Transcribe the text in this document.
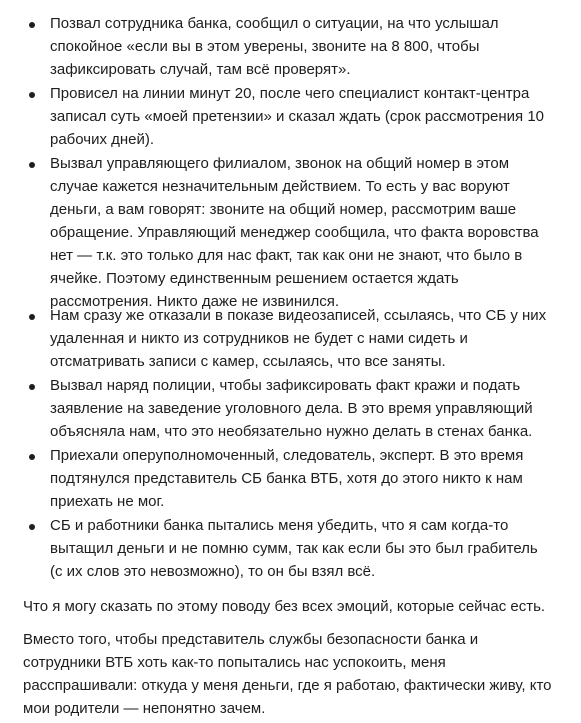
Позвал сотрудника банка, сообщил о ситуации, на что услышал спокойное «если вы в этом уверены, звоните на 8 800, чтобы зафиксировать случай, там всё проверят».
Провисел на линии минут 20, после чего специалист контакт-центра записал суть «моей претензии» и сказал ждать (срок рассмотрения 10 рабочих дней).
Вызвал управляющего филиалом, звонок на общий номер в этом случае кажется незначительным действием. То есть у вас воруют деньги, а вам говорят: звоните на общий номер, рассмотрим ваше обращение. Управляющий менеджер сообщила, что факта воровства нет — т.к. это только для нас факт, так как они не знают, что было в ячейке. Поэтому единственным решением остается ждать рассмотрения. Никто даже не извинился.
Нам сразу же отказали в показе видеозаписей, ссылаясь, что СБ у них удаленная и никто из сотрудников не будет с нами сидеть и отсматривать записи с камер, ссылаясь, что все заняты.
Вызвал наряд полиции, чтобы зафиксировать факт кражи и подать заявление на заведение уголовного дела. В это время управляющий объясняла нам, что это необязательно нужно делать в стенах банка.
Приехали оперуполномоченный, следователь, эксперт. В это время подтянулся представитель СБ банка ВТБ, хотя до этого никто к нам приехать не мог.
СБ и работники банка пытались меня убедить, что я сам когда-то вытащил деньги и не помню сумм, так как если бы это был грабитель (с их слов это невозможно), то он бы взял всё.

Что я могу сказать по этому поводу без всех эмоций, которые сейчас есть.

Вместо того, чтобы представитель службы безопасности банка и сотрудники ВТБ хоть как-то попытались нас успокоить, меня расспрашивали: откуда у меня деньги, где я работаю, фактически живу, кто мои родители — непонятно зачем.
